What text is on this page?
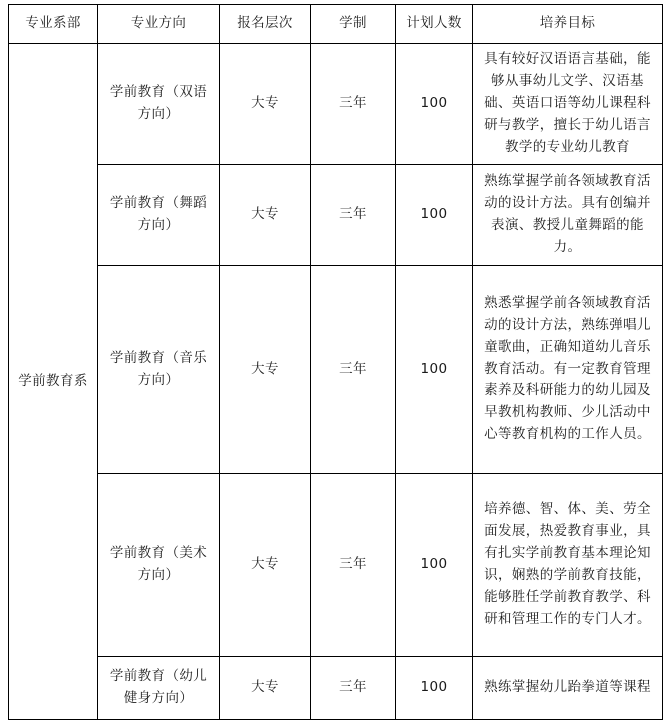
专业系部	专业方向	报名层次	学制	计划人数	培养目标
学前教育系	学前教育（双语方向）	大专	三年	100	具有较好汉语语言基础，能够从事幼儿文学、汉语基础、英语口语等幼儿课程科研与教学，擅长于幼儿语言教学的专业幼儿教育
	学前教育（舞蹈方向）	大专	三年	100	熟练掌握学前各领域教育活动的设计方法。具有创编并表演、教授儿童舞蹈的能力。
	学前教育（音乐方向）	大专	三年	100	熟悉掌握学前各领域教育活动的设计方法，熟练弹唱儿童歌曲，正确知道幼儿音乐教育活动。有一定教育管理素养及科研能力的幼儿园及早教机构教师、少儿活动中心等教育机构的工作人员。
	学前教育（美术方向）	大专	三年	100	培养德、智、体、美、劳全面发展，热爱教育事业，具有扎实学前教育基本理论知识，娴熟的学前教育技能，能够胜任学前教育教学、科研和管理工作的专门人才。
	学前教育（幼儿健身方向）	大专	三年	100	熟练掌握幼儿跆拳道等课程
